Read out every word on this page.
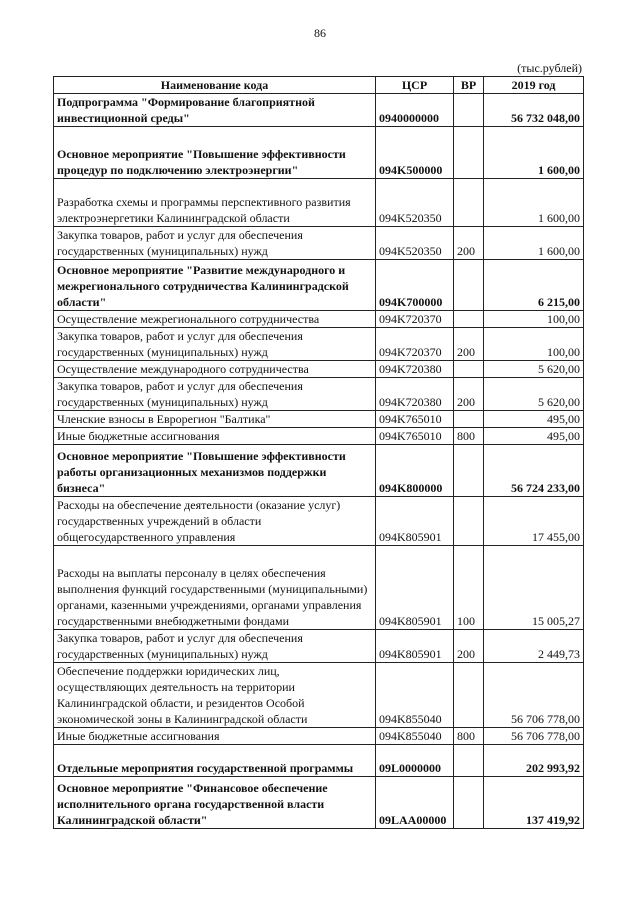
86
(тыс.рублей)
Наименование кода	ЦСР	ВР	2019 год
Подпрограмма "Формирование благоприятной инвестиционной среды"	0940000000		56 732 048,00
Основное мероприятие "Повышение эффективности процедур по подключению электроэнергии"	094K500000		1 600,00
Разработка схемы и программы перспективного развития электроэнергетики Калининградской области	094K520350		1 600,00
Закупка товаров, работ и услуг для обеспечения государственных (муниципальных) нужд	094K520350	200	1 600,00
Основное мероприятие "Развитие международного и межрегионального сотрудничества Калининградской области"	094K700000		6 215,00
Осуществление межрегионального сотрудничества	094K720370		100,00
Закупка товаров, работ и услуг для обеспечения государственных (муниципальных) нужд	094K720370	200	100,00
Осуществление международного сотрудничества	094K720380		5 620,00
Закупка товаров, работ и услуг для обеспечения государственных (муниципальных) нужд	094K720380	200	5 620,00
Членские взносы в Еврорегион "Балтика"	094K765010		495,00
Иные бюджетные ассигнования	094K765010	800	495,00
Основное мероприятие "Повышение эффективности работы организационных механизмов поддержки бизнеса"	094K800000		56 724 233,00
Расходы на обеспечение деятельности (оказание услуг) государственных учреждений в области общегосударственного управления	094K805901		17 455,00
Расходы на выплаты персоналу в целях обеспечения выполнения функций государственными (муниципальными) органами, казенными учреждениями, органами управления государственными внебюджетными фондами	094K805901	100	15 005,27
Закупка товаров, работ и услуг для обеспечения государственных (муниципальных) нужд	094K805901	200	2 449,73
Обеспечение поддержки юридических лиц, осуществляющих деятельность на территории Калининградской области, и резидентов Особой экономической зоны в Калининградской области	094K855040		56 706 778,00
Иные бюджетные ассигнования	094K855040	800	56 706 778,00
Отдельные мероприятия государственной программы	09L0000000		202 993,92
Основное мероприятие "Финансовое обеспечение исполнительного органа государственной власти Калининградской области"	09LAA00000		137 419,92
